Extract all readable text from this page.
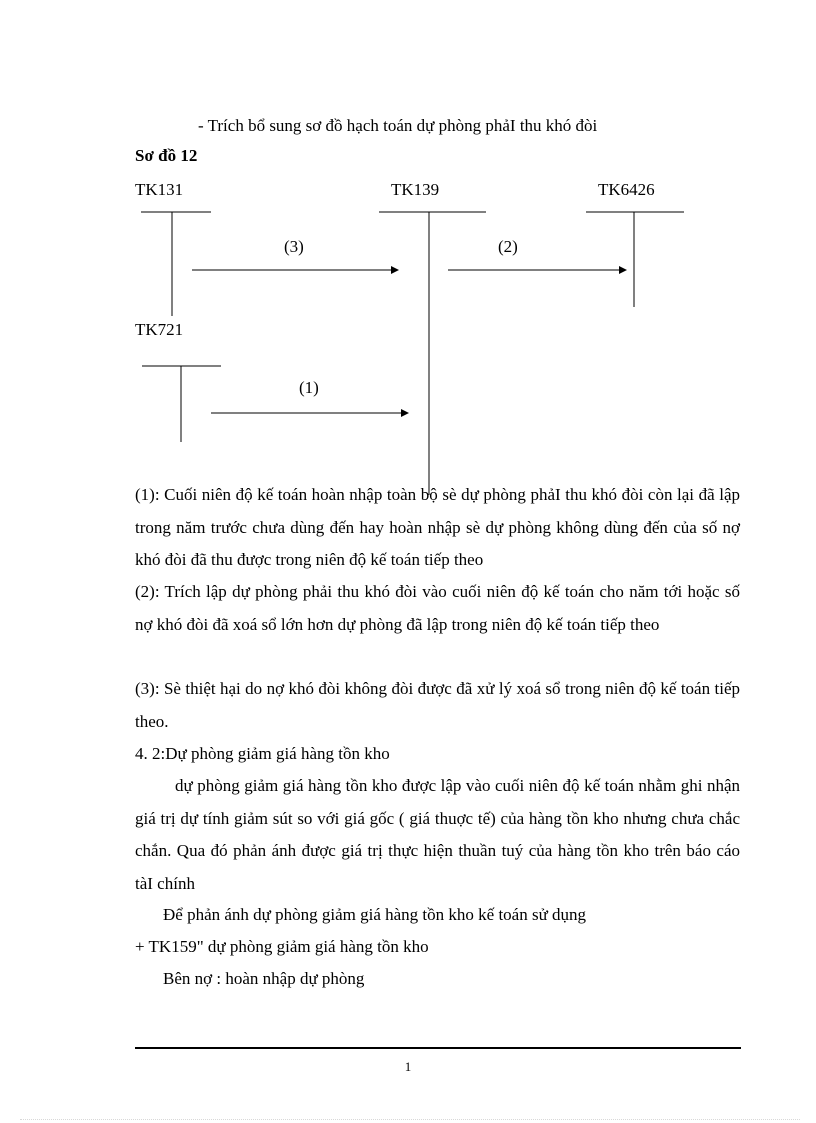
- Trích bổ sung sơ đồ hạch toán dự phòng phảI thu khó đòi
Sơ đồ 12
TK131	TK139	TK6426
TK721
(3)	(2)
(1)
(1): Cuối niên độ kế toán hoàn nhập toàn bộ sè dự phòng phảI thu khó đòi còn lại đã lập trong năm trước chưa dùng đến hay hoàn nhập sè dự phòng không dùng đến của số nợ khó đòi đã thu được trong niên độ kế toán tiếp theo
(2): Trích lập dự phòng phải thu khó đòi vào cuối niên độ kế toán cho năm tới hoặc số nợ khó đòi đã xoá sổ lớn hơn dự phòng đã lập trong niên độ kế toán tiếp theo
(3): Sè thiệt hại do nợ khó đòi không đòi được đã xử lý xoá sổ trong niên độ kế toán tiếp theo.
4. 2:Dự phòng giảm giá hàng tồn kho
dự phòng giảm giá hàng tồn kho được lập vào cuối niên độ kế toán nhằm ghi nhận giá trị dự tính giảm sút so với giá gốc ( giá thuợc tế) của hàng tồn kho nhưng chưa chắc chắn. Qua đó phản ánh được giá trị thực hiện thuần tuý của hàng tồn kho trên báo cáo tàI chính
Để phản ánh dự phòng giảm giá hàng tồn kho kế toán sử dụng
+ TK159" dự phòng giảm giá hàng tồn kho
Bên nợ : hoàn nhập dự phòng
1
